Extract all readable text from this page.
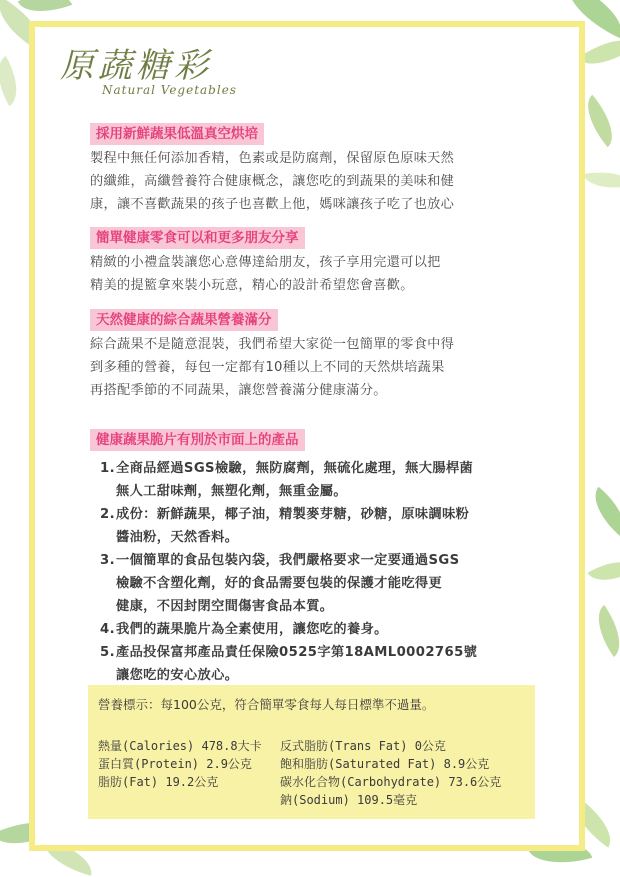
原蔬糖彩
Natural Vegetables
採用新鮮蔬果低溫真空烘培
製程中無任何添加香精，色素或是防腐劑，保留原色原味天然
的纖維，高纖營養符合健康概念，讓您吃的到蔬果的美味和健
康，讓不喜歡蔬果的孩子也喜歡上他，媽咪讓孩子吃了也放心
簡單健康零食可以和更多朋友分享
精緻的小禮盒裝讓您心意傳達給朋友，孩子享用完還可以把
精美的提籃拿來裝小玩意，精心的設計希望您會喜歡。
天然健康的綜合蔬果營養滿分
綜合蔬果不是隨意混裝，我們希望大家從一包簡單的零食中得
到多種的營養，每包一定都有10種以上不同的天然烘培蔬果
再搭配季節的不同蔬果，讓您營養滿分健康滿分。
健康蔬果脆片有別於市面上的產品
1. 全商品經過SGS檢驗，無防腐劑，無硫化處理，無大腸桿菌
無人工甜味劑，無塑化劑，無重金屬。
2. 成份：新鮮蔬果，椰子油，精製麥芽糖，砂糖，原味調味粉
醬油粉，天然香料。
3. 一個簡單的食品包裝內袋，我們嚴格要求一定要通過SGS
檢驗不含塑化劑，好的食品需要包裝的保護才能吃得更
健康，不因封閉空間傷害食品本質。
4. 我們的蔬果脆片為全素使用，讓您吃的養身。
5. 產品投保富邦產品責任保險0525字第18AML0002765號
讓您吃的安心放心。
營養標示：每100公克，符合簡單零食每人每日標準不過量。
熱量(Calories) 478.8大卡 反式脂肪(Trans Fat) 0公克
蛋白質(Protein) 2.9公克 飽和脂肪(Saturated Fat) 8.9公克
脂肪(Fat) 19.2公克	碳水化合物(Carbohydrate) 73.6公克
鈉(Sodium) 109.5毫克
